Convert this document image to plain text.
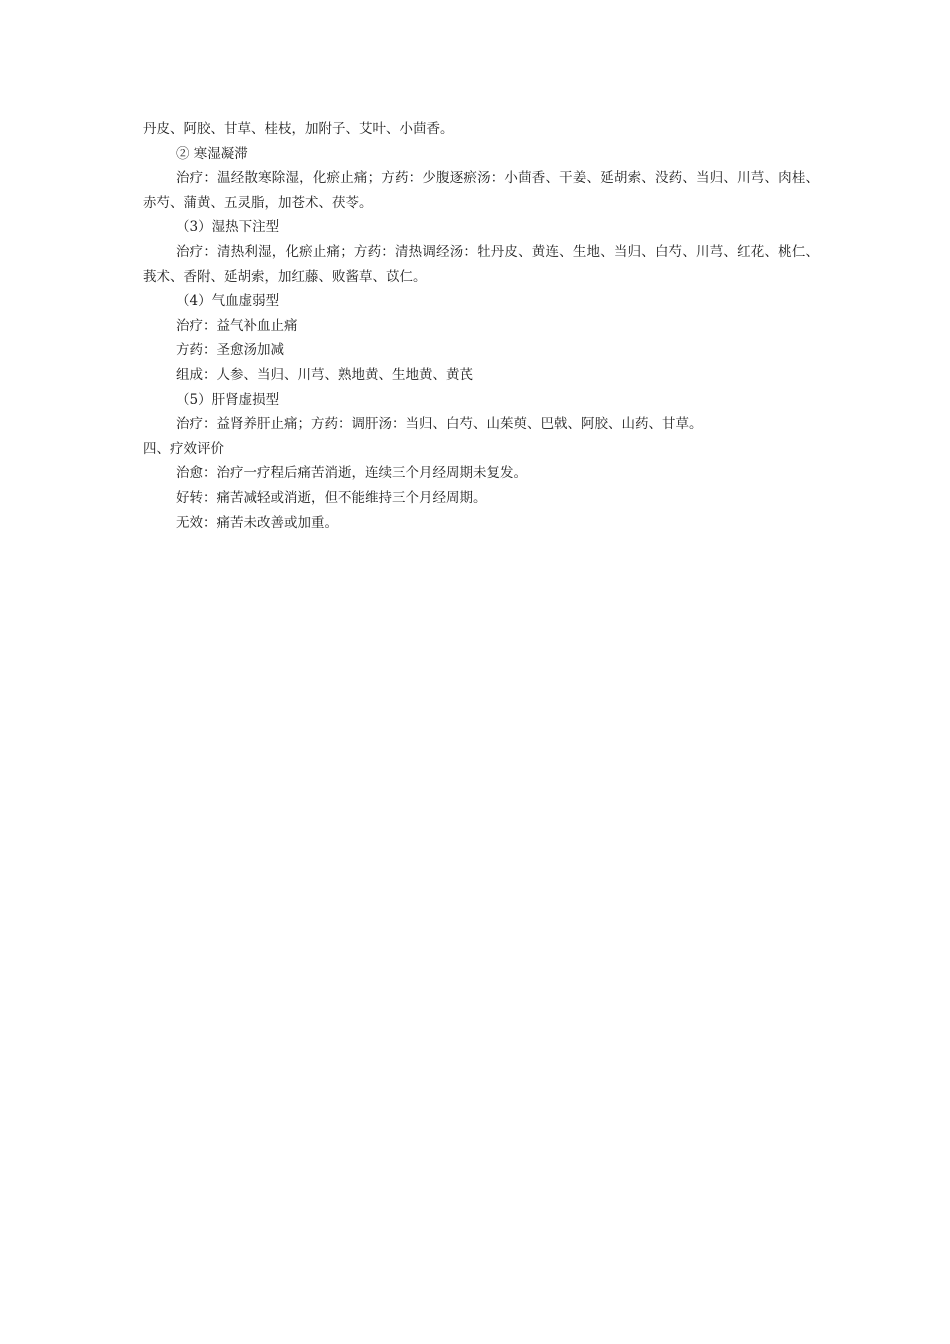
丹皮、阿胶、甘草、桂枝，加附子、艾叶、小茴香。
② 寒湿凝滞
治疗：温经散寒除湿，化瘀止痛；方药：少腹逐瘀汤：小茴香、干姜、延胡索、没药、当归、川芎、肉桂、赤芍、蒲黄、五灵脂，加苍术、茯苓。
（3）湿热下注型
治疗：清热利湿，化瘀止痛；方药：清热调经汤：牡丹皮、黄连、生地、当归、白芍、川芎、红花、桃仁、莪术、香附、延胡索，加红藤、败酱草、苡仁。
（4）气血虚弱型
治疗：益气补血止痛
方药：圣愈汤加减
组成：人参、当归、川芎、熟地黄、生地黄、黄芪
（5）肝肾虚损型
治疗：益肾养肝止痛；方药：调肝汤：当归、白芍、山茱萸、巴戟、阿胶、山药、甘草。
四、疗效评价
治愈：治疗一疗程后痛苦消逝，连续三个月经周期未复发。
好转：痛苦减轻或消逝，但不能维持三个月经周期。
无效：痛苦未改善或加重。
